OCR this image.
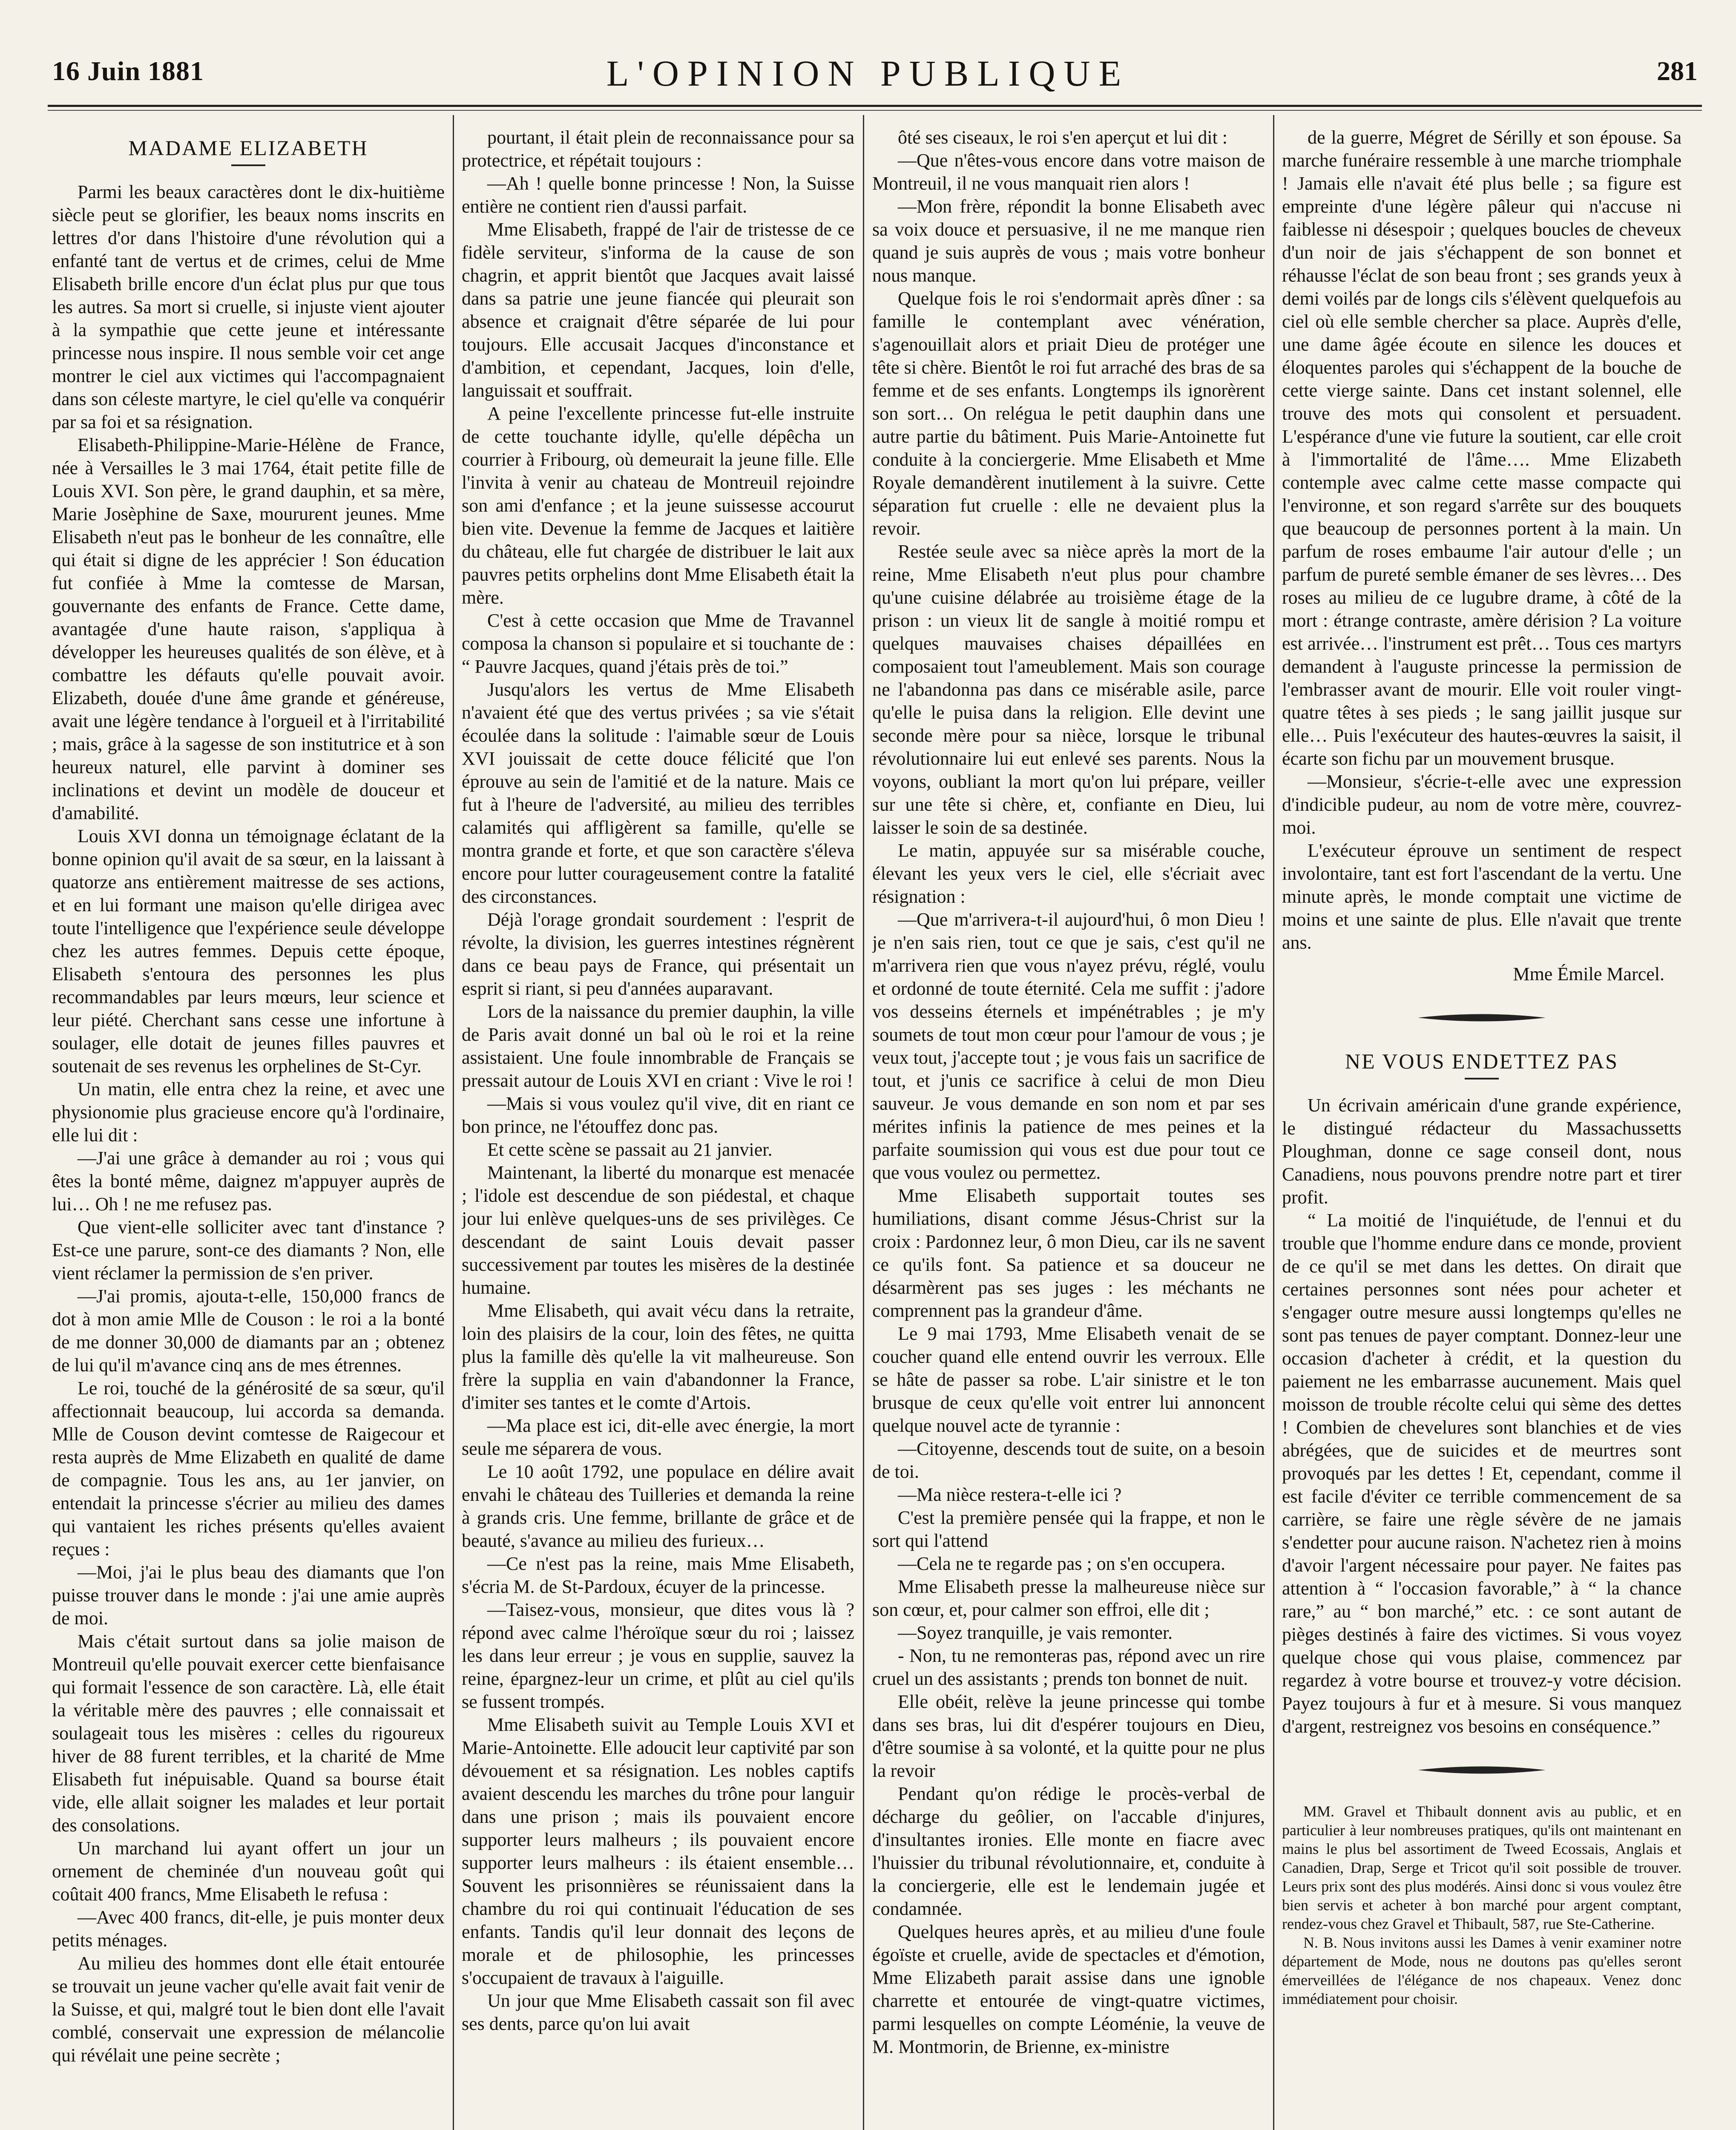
16 Juin 1881	L'OPINION PUBLIQUE	281
MADAME ELIZABETH

Parmi les beaux caractères dont le dix-huitième siècle peut se glorifier, les beaux noms inscrits en lettres d'or dans l'histoire d'une révolution qui a enfanté tant de vertus et de crimes, celui de Mme Elisabeth brille encore d'un éclat plus pur que tous les autres. Sa mort si cruelle, si injuste vient ajouter à la sympathie que cette jeune et intéressante princesse nous inspire. Il nous semble voir cet ange montrer le ciel aux victimes qui l'accompagnaient dans son céleste martyre, le ciel qu'elle va conquérir par sa foi et sa résignation.

Elisabeth-Philippine-Marie-Hélène de France, née à Versailles le 3 mai 1764, était petite fille de Louis XVI. Son père, le grand dauphin, et sa mère, Marie Josèphine de Saxe, moururent jeunes. Mme Elisabeth n'eut pas le bonheur de les connaître, elle qui était si digne de les apprécier ! Son éducation fut confiée à Mme la comtesse de Marsan, gouvernante des enfants de France. Cette dame, avantagée d'une haute raison, s'appliqua à développer les heureuses qualités de son élève, et à combattre les défauts qu'elle pouvait avoir. Elizabeth, douée d'une âme grande et généreuse, avait une légère tendance à l'orgueil et à l'irritabilité ; mais, grâce à la sagesse de son institutrice et à son heureux naturel, elle parvint à dominer ses inclinations et devint un modèle de douceur et d'amabilité.

Louis XVI donna un témoignage éclatant de la bonne opinion qu'il avait de sa sœur, en la laissant à quatorze ans entièrement maitresse de ses actions, et en lui formant une maison qu'elle dirigea avec toute l'intelligence que l'expérience seule développe chez les autres femmes. Depuis cette époque, Elisabeth s'entoura des personnes les plus recommandables par leurs mœurs, leur science et leur piété. Cherchant sans cesse une infortune à soulager, elle dotait de jeunes filles pauvres et soutenait de ses revenus les orphelines de St-Cyr.

Un matin, elle entra chez la reine, et avec une physionomie plus gracieuse encore qu'à l'ordinaire, elle lui dit :

—J'ai une grâce à demander au roi ; vous qui êtes la bonté même, daignez m'appuyer auprès de lui… Oh ! ne me refusez pas.

Que vient-elle solliciter avec tant d'instance ? Est-ce une parure, sont-ce des diamants ? Non, elle vient réclamer la permission de s'en priver.

—J'ai promis, ajouta-t-elle, 150,000 francs de dot à mon amie Mlle de Couson : le roi a la bonté de me donner 30,000 de diamants par an ; obtenez de lui qu'il m'avance cinq ans de mes étrennes.

Le roi, touché de la générosité de sa sœur, qu'il affectionnait beaucoup, lui accorda sa demanda. Mlle de Couson devint comtesse de Raigecour et resta auprès de Mme Elizabeth en qualité de dame de compagnie. Tous les ans, au 1er janvier, on entendait la princesse s'écrier au milieu des dames qui vantaient les riches présents qu'elles avaient reçues :

—Moi, j'ai le plus beau des diamants que l'on puisse trouver dans le monde : j'ai une amie auprès de moi.

Mais c'était surtout dans sa jolie maison de Montreuil qu'elle pouvait exercer cette bienfaisance qui formait l'essence de son caractère. Là, elle était la véritable mère des pauvres ; elle connaissait et soulageait tous les misères : celles du rigoureux hiver de 88 furent terribles, et la charité de Mme Elisabeth fut inépuisable. Quand sa bourse était vide, elle allait soigner les malades et leur portait des consolations.

Un marchand lui ayant offert un jour un ornement de cheminée d'un nouveau goût qui coûtait 400 francs, Mme Elisabeth le refusa :

—Avec 400 francs, dit-elle, je puis monter deux petits ménages.

Au milieu des hommes dont elle était entourée se trouvait un jeune vacher qu'elle avait fait venir de la Suisse, et qui, malgré tout le bien dont elle l'avait comblé, conservait une expression de mélancolie qui révélait une peine secrète ;

pourtant, il était plein de reconnaissance pour sa protectrice, et répétait toujours :

—Ah ! quelle bonne princesse ! Non, la Suisse entière ne contient rien d'aussi parfait.

Mme Elisabeth, frappé de l'air de tristesse de ce fidèle serviteur, s'informa de la cause de son chagrin, et apprit bientôt que Jacques avait laissé dans sa patrie une jeune fiancée qui pleurait son absence et craignait d'être séparée de lui pour toujours. Elle accusait Jacques d'inconstance et d'ambition, et cependant, Jacques, loin d'elle, languissait et souffrait.

A peine l'excellente princesse fut-elle instruite de cette touchante idylle, qu'elle dépêcha un courrier à Fribourg, où demeurait la jeune fille. Elle l'invita à venir au chateau de Montreuil rejoindre son ami d'enfance ; et la jeune suissesse accourut bien vite. Devenue la femme de Jacques et laitière du château, elle fut chargée de distribuer le lait aux pauvres petits orphelins dont Mme Elisabeth était la mère.

C'est à cette occasion que Mme de Travannel composa la chanson si populaire et si touchante de : “ Pauvre Jacques, quand j'étais près de toi.”

Jusqu'alors les vertus de Mme Elisabeth n'avaient été que des vertus privées ; sa vie s'était écoulée dans la solitude : l'aimable sœur de Louis XVI jouissait de cette douce félicité que l'on éprouve au sein de l'amitié et de la nature. Mais ce fut à l'heure de l'adversité, au milieu des terribles calamités qui affligèrent sa famille, qu'elle se montra grande et forte, et que son caractère s'éleva encore pour lutter courageusement contre la fatalité des circonstances.

Déjà l'orage grondait sourdement : l'esprit de révolte, la division, les guerres intestines régnèrent dans ce beau pays de France, qui présentait un esprit si riant, si peu d'années auparavant.

Lors de la naissance du premier dauphin, la ville de Paris avait donné un bal où le roi et la reine assistaient. Une foule innombrable de Français se pressait autour de Louis XVI en criant : Vive le roi !

—Mais si vous voulez qu'il vive, dit en riant ce bon prince, ne l'étouffez donc pas.

Et cette scène se passait au 21 janvier.

Maintenant, la liberté du monarque est menacée ; l'idole est descendue de son piédestal, et chaque jour lui enlève quelques-uns de ses privilèges. Ce descendant de saint Louis devait passer successivement par toutes les misères de la destinée humaine.

Mme Elisabeth, qui avait vécu dans la retraite, loin des plaisirs de la cour, loin des fêtes, ne quitta plus la famille dès qu'elle la vit malheureuse. Son frère la supplia en vain d'abandonner la France, d'imiter ses tantes et le comte d'Artois.

—Ma place est ici, dit-elle avec énergie, la mort seule me séparera de vous.

Le 10 août 1792, une populace en délire avait envahi le château des Tuilleries et demanda la reine à grands cris. Une femme, brillante de grâce et de beauté, s'avance au milieu des furieux…

—Ce n'est pas la reine, mais Mme Elisabeth, s'écria M. de St-Pardoux, écuyer de la princesse.

—Taisez-vous, monsieur, que dites vous là ? répond avec calme l'héroïque sœur du roi ; laissez les dans leur erreur ; je vous en supplie, sauvez la reine, épargnez-leur un crime, et plût au ciel qu'ils se fussent trompés.

Mme Elisabeth suivit au Temple Louis XVI et Marie-Antoinette. Elle adoucit leur captivité par son dévouement et sa résignation. Les nobles captifs avaient descendu les marches du trône pour languir dans une prison ; mais ils pouvaient encore supporter leurs malheurs ; ils pouvaient encore supporter leurs malheurs : ils étaient ensemble… Souvent les prisonnières se réunissaient dans la chambre du roi qui continuait l'éducation de ses enfants. Tandis qu'il leur donnait des leçons de morale et de philosophie, les princesses s'occupaient de travaux à l'aiguille.

Un jour que Mme Elisabeth cassait son fil avec ses dents, parce qu'on lui avait

ôté ses ciseaux, le roi s'en aperçut et lui dit :

—Que n'êtes-vous encore dans votre maison de Montreuil, il ne vous manquait rien alors !

—Mon frère, répondit la bonne Elisabeth avec sa voix douce et persuasive, il ne me manque rien quand je suis auprès de vous ; mais votre bonheur nous manque.

Quelque fois le roi s'endormait après dîner : sa famille le contemplant avec vénération, s'agenouillait alors et priait Dieu de protéger une tête si chère. Bientôt le roi fut arraché des bras de sa femme et de ses enfants. Longtemps ils ignorèrent son sort… On relégua le petit dauphin dans une autre partie du bâtiment. Puis Marie-Antoinette fut conduite à la conciergerie. Mme Elisabeth et Mme Royale demandèrent inutilement à la suivre. Cette séparation fut cruelle : elle ne devaient plus la revoir.

Restée seule avec sa nièce après la mort de la reine, Mme Elisabeth n'eut plus pour chambre qu'une cuisine délabrée au troisième étage de la prison : un vieux lit de sangle à moitié rompu et quelques mauvaises chaises dépaillées en composaient tout l'ameublement. Mais son courage ne l'abandonna pas dans ce misérable asile, parce qu'elle le puisa dans la religion. Elle devint une seconde mère pour sa nièce, lorsque le tribunal révolutionnaire lui eut enlevé ses parents. Nous la voyons, oubliant la mort qu'on lui prépare, veiller sur une tête si chère, et, confiante en Dieu, lui laisser le soin de sa destinée.

Le matin, appuyée sur sa misérable couche, élevant les yeux vers le ciel, elle s'écriait avec résignation :

—Que m'arrivera-t-il aujourd'hui, ô mon Dieu ! je n'en sais rien, tout ce que je sais, c'est qu'il ne m'arrivera rien que vous n'ayez prévu, réglé, voulu et ordonné de toute éternité. Cela me suffit : j'adore vos desseins éternels et impénétrables ; je m'y soumets de tout mon cœur pour l'amour de vous ; je veux tout, j'accepte tout ; je vous fais un sacrifice de tout, et j'unis ce sacrifice à celui de mon Dieu sauveur. Je vous demande en son nom et par ses mérites infinis la patience de mes peines et la parfaite soumission qui vous est due pour tout ce que vous voulez ou permettez.

Mme Elisabeth supportait toutes ses humiliations, disant comme Jésus-Christ sur la croix : Pardonnez leur, ô mon Dieu, car ils ne savent ce qu'ils font. Sa patience et sa douceur ne désarmèrent pas ses juges : les méchants ne comprennent pas la grandeur d'âme.

Le 9 mai 1793, Mme Elisabeth venait de se coucher quand elle entend ouvrir les verroux. Elle se hâte de passer sa robe. L'air sinistre et le ton brusque de ceux qu'elle voit entrer lui annoncent quelque nouvel acte de tyrannie :

—Citoyenne, descends tout de suite, on a besoin de toi.

—Ma nièce restera-t-elle ici ?

C'est la première pensée qui la frappe, et non le sort qui l'attend

—Cela ne te regarde pas ; on s'en occupera.

Mme Elisabeth presse la malheureuse nièce sur son cœur, et, pour calmer son effroi, elle dit ;

—Soyez tranquille, je vais remonter.

- Non, tu ne remonteras pas, répond avec un rire cruel un des assistants ; prends ton bonnet de nuit.

Elle obéit, relève la jeune princesse qui tombe dans ses bras, lui dit d'espérer toujours en Dieu, d'être soumise à sa volonté, et la quitte pour ne plus la revoir

Pendant qu'on rédige le procès-verbal de décharge du geôlier, on l'accable d'injures, d'insultantes ironies. Elle monte en fiacre avec l'huissier du tribunal révolutionnaire, et, conduite à la conciergerie, elle est le lendemain jugée et condamnée.

Quelques heures après, et au milieu d'une foule égoïste et cruelle, avide de spectacles et d'émotion, Mme Elizabeth parait assise dans une ignoble charrette et entourée de vingt-quatre victimes, parmi lesquelles on compte Léoménie, la veuve de M. Montmorin, de Brienne, ex-ministre

de la guerre, Mégret de Sérilly et son épouse. Sa marche funéraire ressemble à une marche triomphale ! Jamais elle n'avait été plus belle ; sa figure est empreinte d'une légère pâleur qui n'accuse ni faiblesse ni désespoir ; quelques boucles de cheveux d'un noir de jais s'échappent de son bonnet et réhausse l'éclat de son beau front ; ses grands yeux à demi voilés par de longs cils s'élèvent quelquefois au ciel où elle semble chercher sa place. Auprès d'elle, une dame âgée écoute en silence les douces et éloquentes paroles qui s'échappent de la bouche de cette vierge sainte. Dans cet instant solennel, elle trouve des mots qui consolent et persuadent. L'espérance d'une vie future la soutient, car elle croit à l'immortalité de l'âme…. Mme Elizabeth contemple avec calme cette masse compacte qui l'environne, et son regard s'arrête sur des bouquets que beaucoup de personnes portent à la main. Un parfum de roses embaume l'air autour d'elle ; un parfum de pureté semble émaner de ses lèvres… Des roses au milieu de ce lugubre drame, à côté de la mort : étrange contraste, amère dérision ? La voiture est arrivée… l'instrument est prêt… Tous ces martyrs demandent à l'auguste princesse la permission de l'embrasser avant de mourir. Elle voit rouler vingt-quatre têtes à ses pieds ; le sang jaillit jusque sur elle… Puis l'exécuteur des hautes-œuvres la saisit, il écarte son fichu par un mouvement brusque.

—Monsieur, s'écrie-t-elle avec une expression d'indicible pudeur, au nom de votre mère, couvrez-moi.

L'exécuteur éprouve un sentiment de respect involontaire, tant est fort l'ascendant de la vertu. Une minute après, le monde comptait une victime de moins et une sainte de plus. Elle n'avait que trente ans.

Mme Émile Marcel.
NE VOUS ENDETTEZ PAS

Un écrivain américain d'une grande expérience, le distingué rédacteur du Massachussetts Ploughman, donne ce sage conseil dont, nous Canadiens, nous pouvons prendre notre part et tirer profit.

“ La moitié de l'inquiétude, de l'ennui et du trouble que l'homme endure dans ce monde, provient de ce qu'il se met dans les dettes. On dirait que certaines personnes sont nées pour acheter et s'engager outre mesure aussi longtemps qu'elles ne sont pas tenues de payer comptant. Donnez-leur une occasion d'acheter à crédit, et la question du paiement ne les embarrasse aucunement. Mais quel moisson de trouble récolte celui qui sème des dettes ! Combien de chevelures sont blanchies et de vies abrégées, que de suicides et de meurtres sont provoqués par les dettes ! Et, cependant, comme il est facile d'éviter ce terrible commencement de sa carrière, se faire une règle sévère de ne jamais s'endetter pour aucune raison. N'achetez rien à moins d'avoir l'argent nécessaire pour payer. Ne faites pas attention à “ l'occasion favorable,” à “ la chance rare,” au “ bon marché,” etc. : ce sont autant de pièges destinés à faire des victimes. Si vous voyez quelque chose qui vous plaise, commencez par regardez à votre bourse et trouvez-y votre décision. Payez toujours à fur et à mesure. Si vous manquez d'argent, restreignez vos besoins en conséquence.”

MM. Gravel et Thibault donnent avis au public, et en particulier à leur nombreuses pratiques, qu'ils ont maintenant en mains le plus bel assortiment de Tweed Ecossais, Anglais et Canadien, Drap, Serge et Tricot qu'il soit possible de trouver. Leurs prix sont des plus modérés. Ainsi donc si vous voulez être bien servis et acheter à bon marché pour argent comptant, rendez-vous chez Gravel et Thibault, 587, rue Ste-Catherine.

N. B. Nous invitons aussi les Dames à venir examiner notre département de Mode, nous ne doutons pas qu'elles seront émerveillées de l'élégance de nos chapeaux. Venez donc immédiatement pour choisir.
